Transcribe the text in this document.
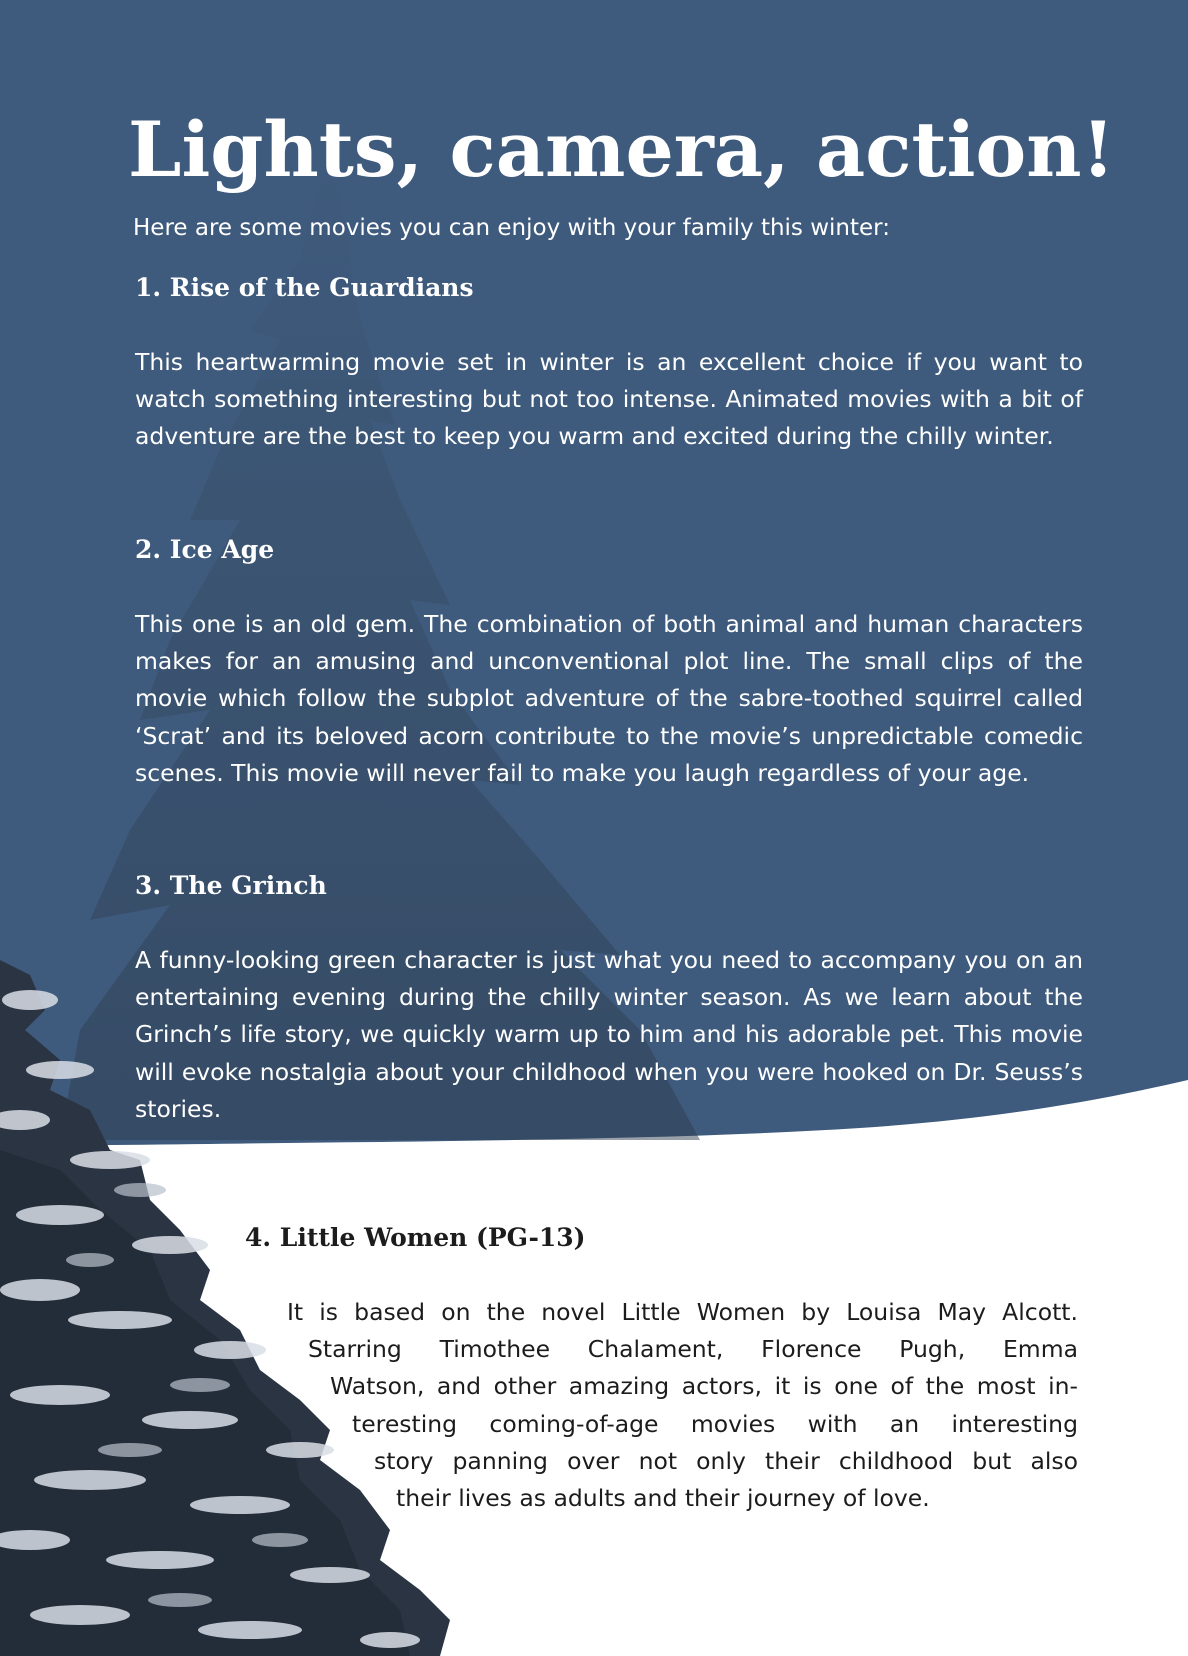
Lights, camera, action!

Here are some movies you can enjoy with your family this winter:

1. Rise of the Guardians

This heartwarming movie set in winter is an excellent choice if you want to watch something interesting but not too intense. Animated movies with a bit of adventure are the best to keep you warm and excited during the chilly winter.

2. Ice Age

This one is an old gem. The combination of both animal and human characters makes for an amusing and unconventional plot line. The small clips of the movie which follow the subplot adventure of the sabre-toothed squirrel called ‘Scrat’ and its beloved acorn contribute to the movie’s unpredictable comedic scenes. This movie will never fail to make you laugh regardless of your age.

3. The Grinch

A funny-looking green character is just what you need to accompany you on an entertaining evening during the chilly winter season. As we learn about the Grinch’s life story, we quickly warm up to him and his adorable pet. This movie will evoke nostalgia about your childhood when you were hooked on Dr. Seuss’s stories.

4. Little Women (PG-13)
It is based on the novel Little Women by Louisa May Alcott.
Starring Timothee Chalament, Florence Pugh, Emma
Watson, and other amazing actors, it is one of the most in-
teresting coming-of-age movies with an interesting
story panning over not only their childhood but also
their lives as adults and their journey of love.
